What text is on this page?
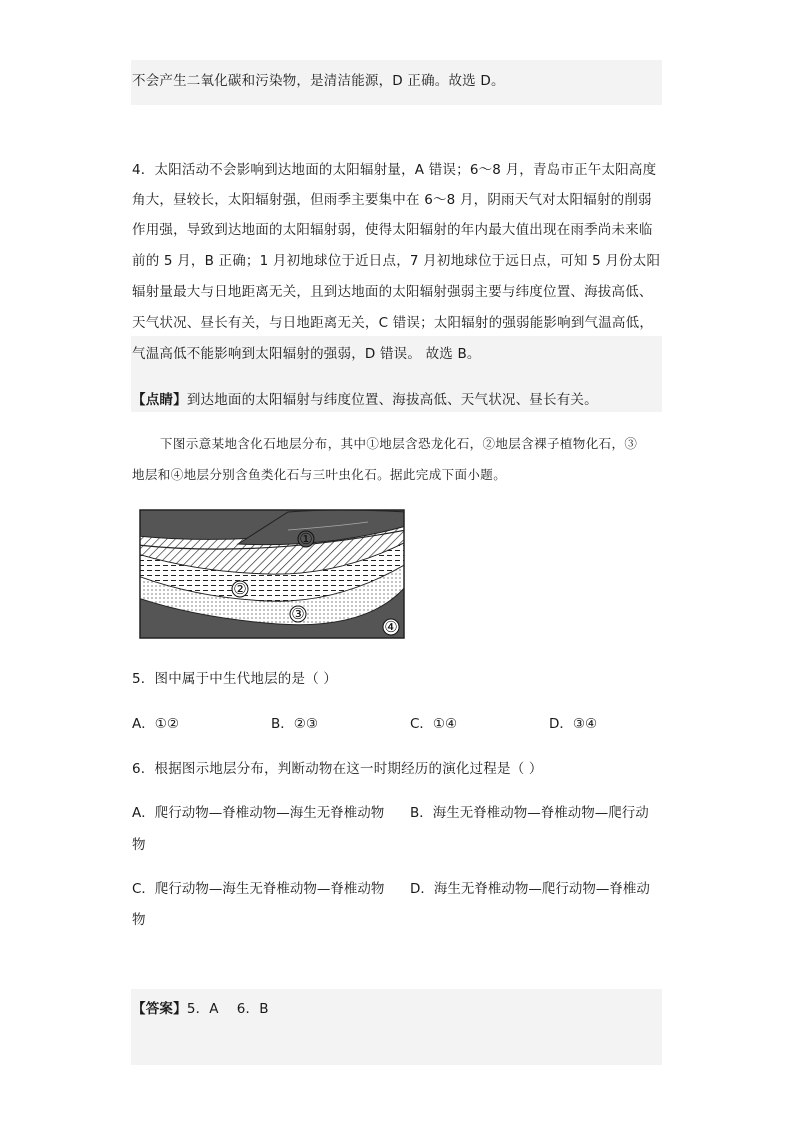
不会产生二氧化碳和污染物，是清洁能源，D 正确。故选 D。
4．太阳活动不会影响到达地面的太阳辐射量，A 错误；6～8 月，青岛市正午太阳高度
角大，昼较长，太阳辐射强，但雨季主要集中在 6～8 月，阴雨天气对太阳辐射的削弱
作用强，导致到达地面的太阳辐射弱，使得太阳辐射的年内最大值出现在雨季尚未来临
前的 5 月，B 正确；1 月初地球位于近日点，7 月初地球位于远日点，可知 5 月份太阳
辐射量最大与日地距离无关，且到达地面的太阳辐射强弱主要与纬度位置、海拔高低、
天气状况、昼长有关，与日地距离无关，C 错误；太阳辐射的强弱能影响到气温高低，
气温高低不能影响到太阳辐射的强弱，D 错误。 故选 B。
【点睛】到达地面的太阳辐射与纬度位置、海拔高低、天气状况、昼长有关。
下图示意某地含化石地层分布，其中①地层含恐龙化石，②地层含裸子植物化石，③
地层和④地层分别含鱼类化石与三叶虫化石。据此完成下面小题。
①
②
③
④
5．图中属于中生代地层的是（ ）
A．①②	B．②③	C．①④	D．③④
6．根据图示地层分布，判断动物在这一时期经历的演化过程是（ ）
A．爬行动物—脊椎动物—海生无脊椎动物 B．海生无脊椎动物—脊椎动物—爬行动
物
C．爬行动物—海生无脊椎动物—脊椎动物 D．海生无脊椎动物—爬行动物—脊椎动
物
【答案】5．A    6．B
